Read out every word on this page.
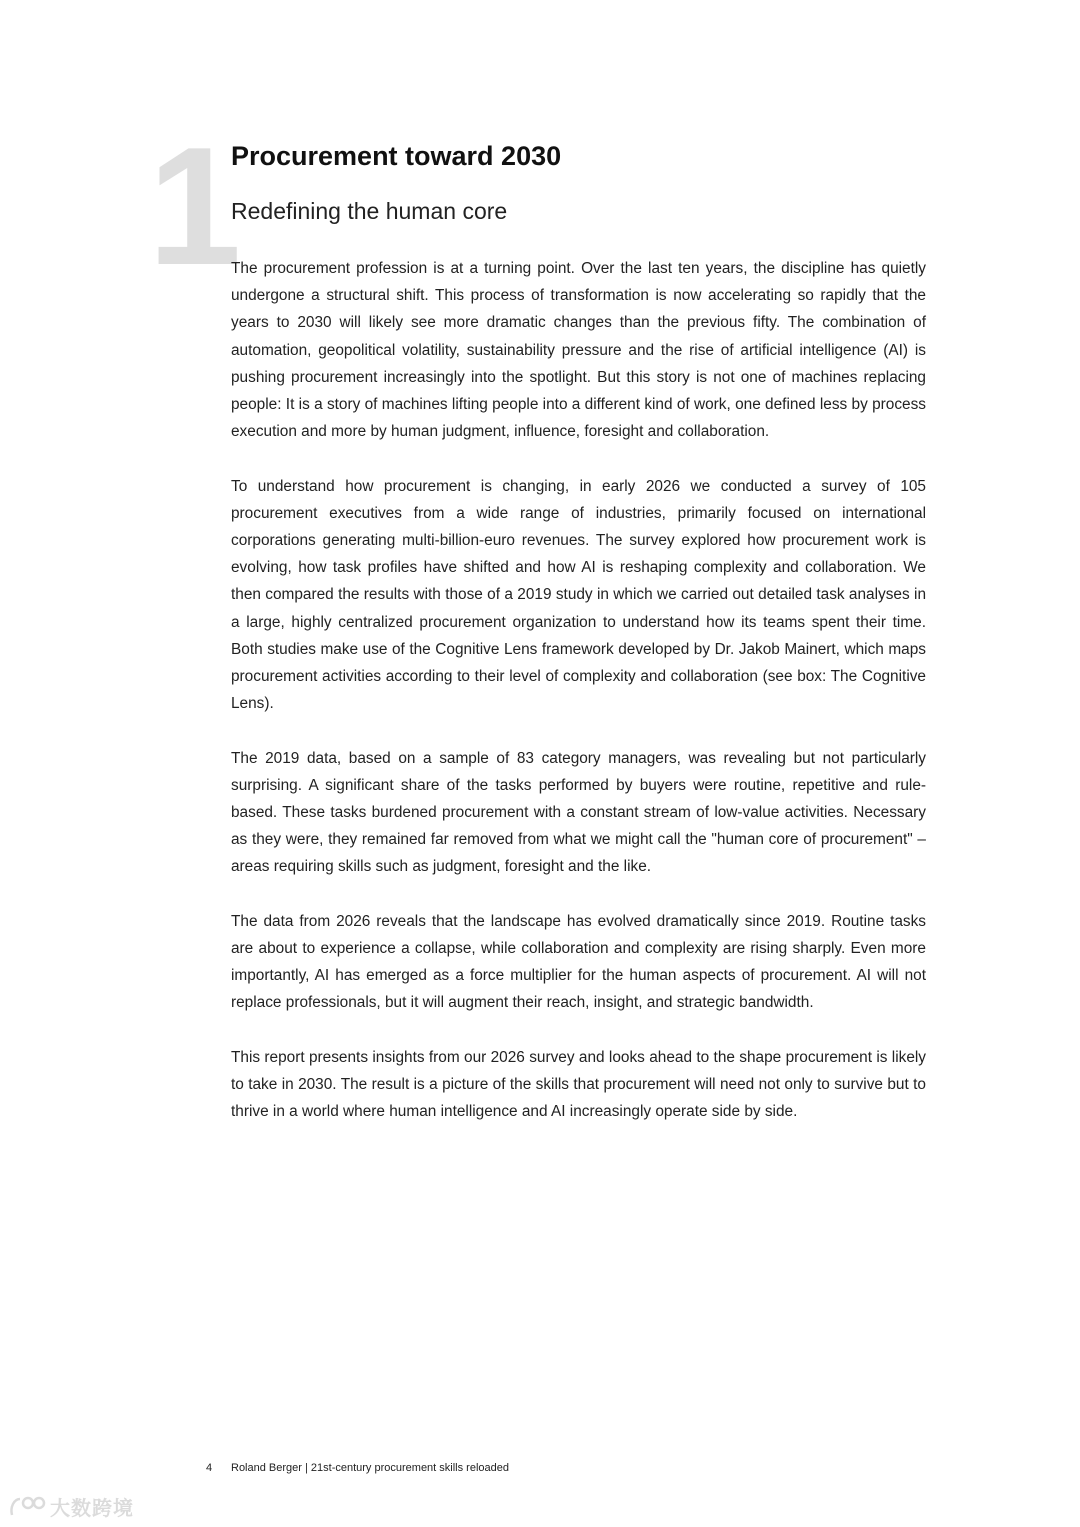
1
Procurement toward 2030
Redefining the human core

The procurement profession is at a turning point. Over the last ten years, the discipline has quietly undergone a structural shift. This process of transformation is now accelerating so rapidly that the years to 2030 will likely see more dramatic changes than the previous fifty. The combination of automation, geopolitical volatility, sustainability pressure and the rise of artificial intelligence (AI) is pushing procurement increasingly into the spotlight. But this story is not one of machines replacing people: It is a story of machines lifting people into a different kind of work, one defined less by process execution and more by human judgment, influence, foresight and collaboration.

To understand how procurement is changing, in early 2026 we conducted a survey of 105 procurement executives from a wide range of industries, primarily focused on international corporations generating multi-billion-euro revenues. The survey explored how procurement work is evolving, how task profiles have shifted and how AI is reshaping complexity and collaboration. We then compared the results with those of a 2019 study in which we carried out detailed task analyses in a large, highly centralized procurement organization to understand how its teams spent their time. Both studies make use of the Cognitive Lens framework developed by Dr. Jakob Mainert, which maps procurement activities according to their level of complexity and collaboration (see box: The Cognitive Lens).

The 2019 data, based on a sample of 83 category managers, was revealing but not particularly surprising. A significant share of the tasks performed by buyers were routine, repetitive and rule-based. These tasks burdened procurement with a constant stream of low-value activities. Necessary as they were, they remained far removed from what we might call the "human core of procurement" – areas requiring skills such as judgment, foresight and the like.

The data from 2026 reveals that the landscape has evolved dramatically since 2019. Routine tasks are about to experience a collapse, while collaboration and complexity are rising sharply. Even more importantly, AI has emerged as a force multiplier for the human aspects of procurement. AI will not replace professionals, but it will augment their reach, insight, and strategic bandwidth.

This report presents insights from our 2026 survey and looks ahead to the shape procurement is likely to take in 2030. The result is a picture of the skills that procurement will need not only to survive but to thrive in a world where human intelligence and AI increasingly operate side by side.

4 Roland Berger | 21st-century procurement skills reloaded
大数跨境
